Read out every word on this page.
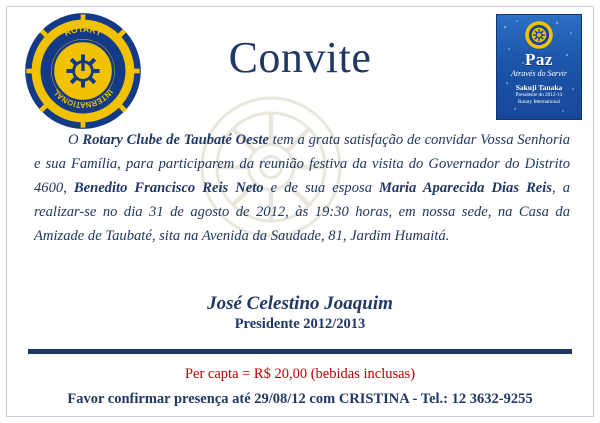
ROTARY
INTERNATIONAL
Paz
Através do Servir
Sakuji Tanaka
Presidente do 2012-13
Rotary International
Convite
O Rotary Clube de Taubaté Oeste tem a grata satisfação de convidar Vossa Senhoria e sua Família, para participarem da reunião festiva da visita do Governador do Distrito 4600, Benedito Francisco Reis Neto e de sua esposa Maria Aparecida Dias Reis, a realizar-se no dia 31 de agosto de 2012, às 19:30 horas, em nossa sede, na Casa da Amizade de Taubaté, sita na Avenida da Saudade, 81, Jardim Humaitá.
José Celestino Joaquim
Presidente 2012/2013
Per capta = R$ 20,00 (bebidas inclusas)
Favor confirmar presença até 29/08/12 com CRISTINA - Tel.: 12 3632-9255
